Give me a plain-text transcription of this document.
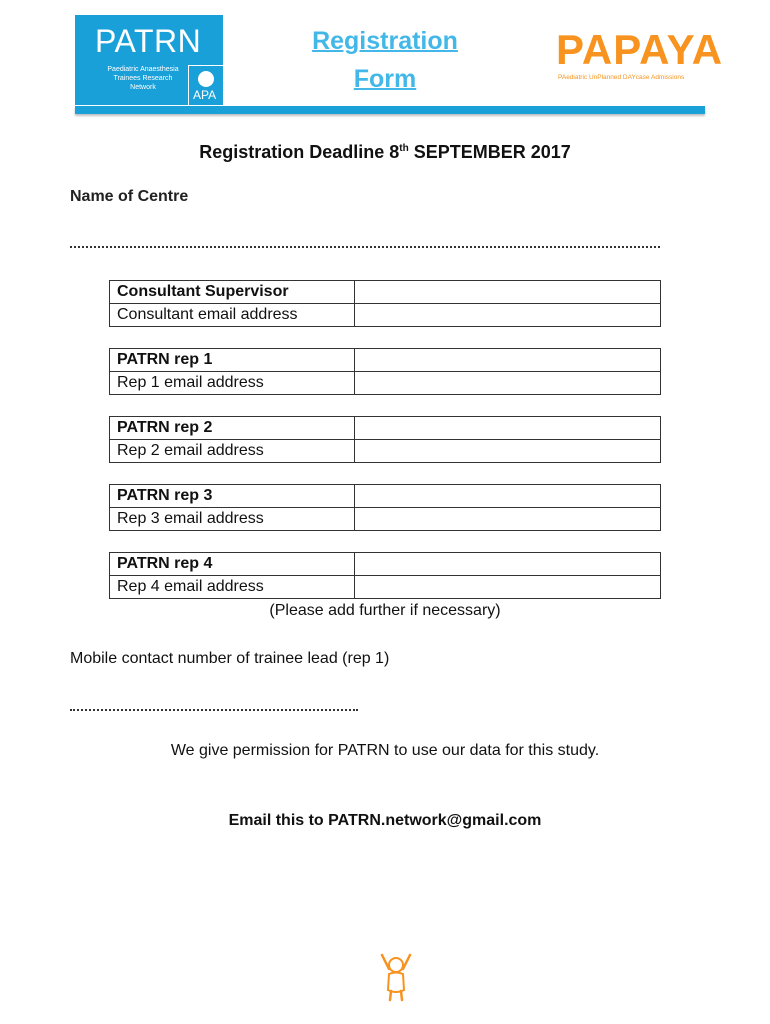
PATRN
Paediatric Anaesthesia Trainees Research Network
APA
Registration
Form
PAPAYA
PAediatric UnPlanned DAYcase Admissions
Registration Deadline 8th SEPTEMBER 2017
Name of Centre
Consultant Supervisor	
Consultant email address	
PATRN rep 1	
Rep 1 email address	
PATRN rep 2	
Rep 2 email address	
PATRN rep 3	
Rep 3 email address	
PATRN rep 4	
Rep 4 email address	
(Please add further if necessary)
Mobile contact number of trainee lead (rep 1)
We give permission for PATRN to use our data for this study.
Email this to PATRN.network@gmail.com
